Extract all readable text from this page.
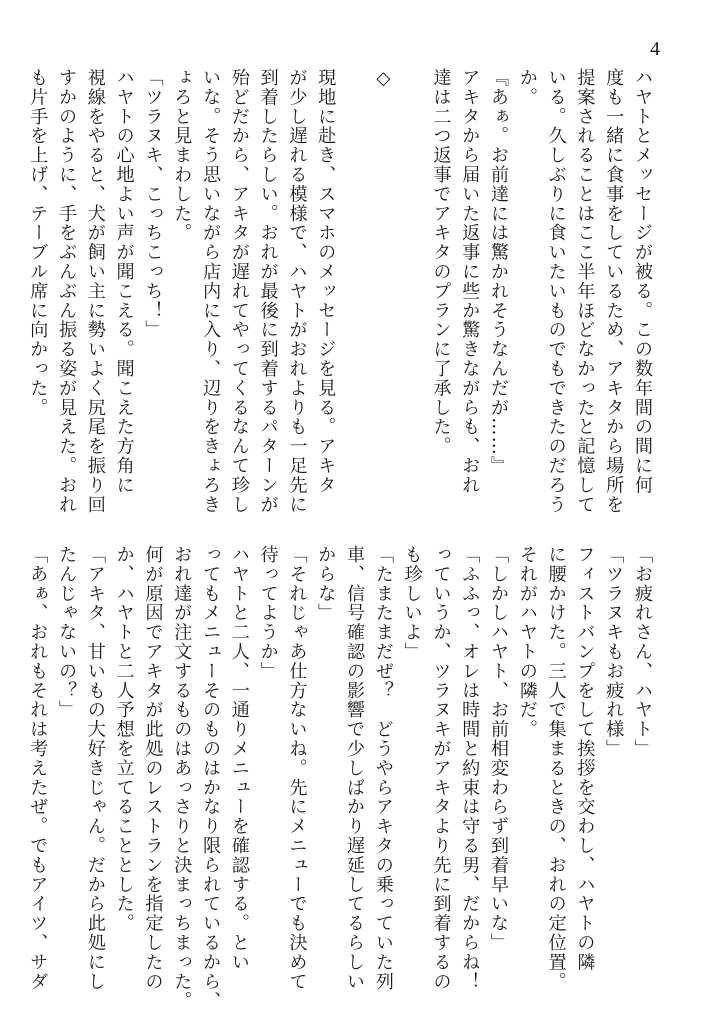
4
ハヤトとメッセージが被る。この数年間の間に何
度も一緒に食事をしているため、アキタから場所を
提案されることはここ半年ほどなかったと記憶して
いる。久しぶりに食いたいものでもできたのだろう
か。
『あぁ。お前達には驚かれそうなんだが……』
アキタから届いた返事に些か驚きながらも、おれ
達は二つ返事でアキタのプランに了承した。

◇

現地に赴き、スマホのメッセージを見る。アキタ
が少し遅れる模様で、ハヤトがおれよりも一足先に
到着したらしい。おれが最後に到着するパターンが
殆どだから、アキタが遅れてやってくるなんて珍し
いな。そう思いながら店内に入り、辺りをきょろき
ょろと見まわした。
「ツラヌキ、こっちこっち！」
ハヤトの心地よい声が聞こえる。聞こえた方角に
視線をやると、犬が飼い主に勢いよく尻尾を振り回
すかのように、手をぶんぶん振る姿が見えた。おれ
も片手を上げ、テーブル席に向かった。
「お疲れさん、ハヤト」
「ツラヌキもお疲れ様」
フィストバンプをして挨拶を交わし、ハヤトの隣
に腰かけた。三人で集まるときの、おれの定位置。
それがハヤトの隣だ。
「しかしハヤト、お前相変わらず到着早いな」
「ふふっ、オレは時間と約束は守る男、だからね！
っていうか、ツラヌキがアキタより先に到着するの
も珍しいよ」
「たまたまだぜ？　どうやらアキタの乗っていた列
車、信号確認の影響で少しばかり遅延してるらしい
からな」
「それじゃあ仕方ないね。先にメニューでも決めて
待ってようか」
ハヤトと二人、一通りメニューを確認する。とい
ってもメニューそのものはかなり限られているから、
おれ達が注文するものはあっさりと決まっちまった。
何が原因でアキタが此処のレストランを指定したの
か、ハヤトと二人予想を立てることとした。
「アキタ、甘いもの大好きじゃん。だから此処にし
たんじゃないの？」
「あぁ、おれもそれは考えたぜ。でもアイツ、サダ
